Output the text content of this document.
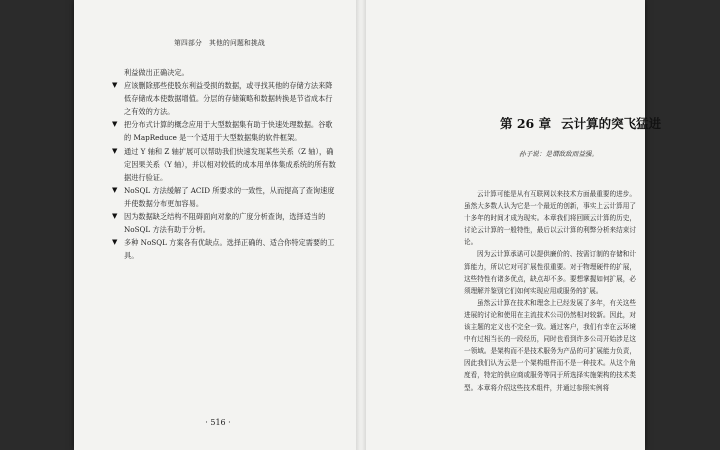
第四部分　其他的问题和挑战
利益做出正确决定。
▼ 应该删除那些使股东利益受损的数据，或寻找其他的存储方法来降低存储成本使数据增值。分层的存储策略和数据转换是节省成本行之有效的方法。
▼ 把分布式计算的概念应用于大型数据集有助于快速处理数据。谷歌的 MapReduce 是一个适用于大型数据集的软件框架。
▼ 通过 Y 轴和 Z 轴扩展可以帮助我们快速发现某些关系（Z 轴），确定因果关系（Y 轴），并以相对较低的成本用单体集成系统的所有数据进行验证。
▼ NoSQL 方法缓解了 ACID 所要求的一致性，从而提高了查询速度并使数据分布更加容易。
▼ 因为数据缺乏结构不阻碍面向对象的广度分析查询，选择适当的 NoSQL 方法有助于分析。
▼ 多种 NoSQL 方案各有优缺点。选择正确的、适合你特定需要的工具。
· 516 ·
第 26 章 云计算的突飞猛进
孙子说：是谓敌敌而益强。

云计算可能是从有互联网以来技术方面最重要的进步。虽然大多数人认为它是一个最近的创新，事实上云计算用了十多年的时间才成为现实。本章我们将回顾云计算的历史，讨论云计算的一般特性，最后以云计算的利弊分析来结束讨论。

因为云计算承诺可以提供廉价的、按需订制的存储和计算能力，所以它对可扩展性很重要。对于物理硬件的扩展，这些特性有诸多优点，缺点却不多。要想掌握如何扩展，必须理解并鉴别它们如何实现应用或服务的扩展。

虽然云计算在技术和理念上已经发展了多年，有关这些进展的讨论和使用在主流技术公司仍然相对较新。因此，对该主题的定义也不完全一致。通过客户，我们有幸在云环境中有过相当长的一段经历，同时也看到许多公司开始涉足这一领域。是架构而不是技术服务为产品的可扩展能力负责，因此我们认为云是一个架构组件而不是一种技术。从这个角度看，特定的供应商或服务等同于所选择实施架构的技术类型。本章将介绍这些技术组件，并通过参照实例将
